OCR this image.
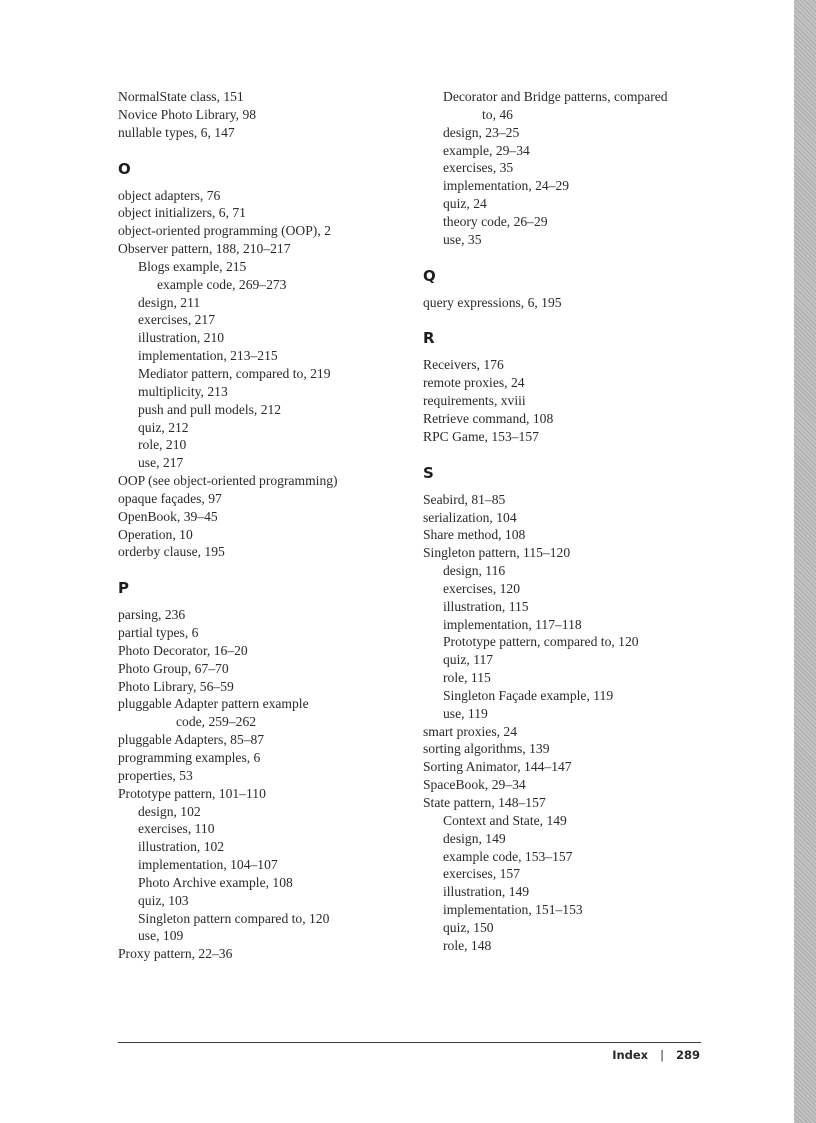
NormalState class, 151
Novice Photo Library, 98
nullable types, 6, 147
O
object adapters, 76
object initializers, 6, 71
object-oriented programming (OOP), 2
Observer pattern, 188, 210–217
Blogs example, 215
example code, 269–273
design, 211
exercises, 217
illustration, 210
implementation, 213–215
Mediator pattern, compared to, 219
multiplicity, 213
push and pull models, 212
quiz, 212
role, 210
use, 217
OOP (see object-oriented programming)
opaque façades, 97
OpenBook, 39–45
Operation, 10
orderby clause, 195
P
parsing, 236
partial types, 6
Photo Decorator, 16–20
Photo Group, 67–70
Photo Library, 56–59
pluggable Adapter pattern example
code, 259–262
pluggable Adapters, 85–87
programming examples, 6
properties, 53
Prototype pattern, 101–110
design, 102
exercises, 110
illustration, 102
implementation, 104–107
Photo Archive example, 108
quiz, 103
Singleton pattern compared to, 120
use, 109
Proxy pattern, 22–36
Decorator and Bridge patterns, compared
to, 46
design, 23–25
example, 29–34
exercises, 35
implementation, 24–29
quiz, 24
theory code, 26–29
use, 35
Q
query expressions, 6, 195
R
Receivers, 176
remote proxies, 24
requirements, xviii
Retrieve command, 108
RPC Game, 153–157
S
Seabird, 81–85
serialization, 104
Share method, 108
Singleton pattern, 115–120
design, 116
exercises, 120
illustration, 115
implementation, 117–118
Prototype pattern, compared to, 120
quiz, 117
role, 115
Singleton Façade example, 119
use, 119
smart proxies, 24
sorting algorithms, 139
Sorting Animator, 144–147
SpaceBook, 29–34
State pattern, 148–157
Context and State, 149
design, 149
example code, 153–157
exercises, 157
illustration, 149
implementation, 151–153
quiz, 150
role, 148
Index | 289
